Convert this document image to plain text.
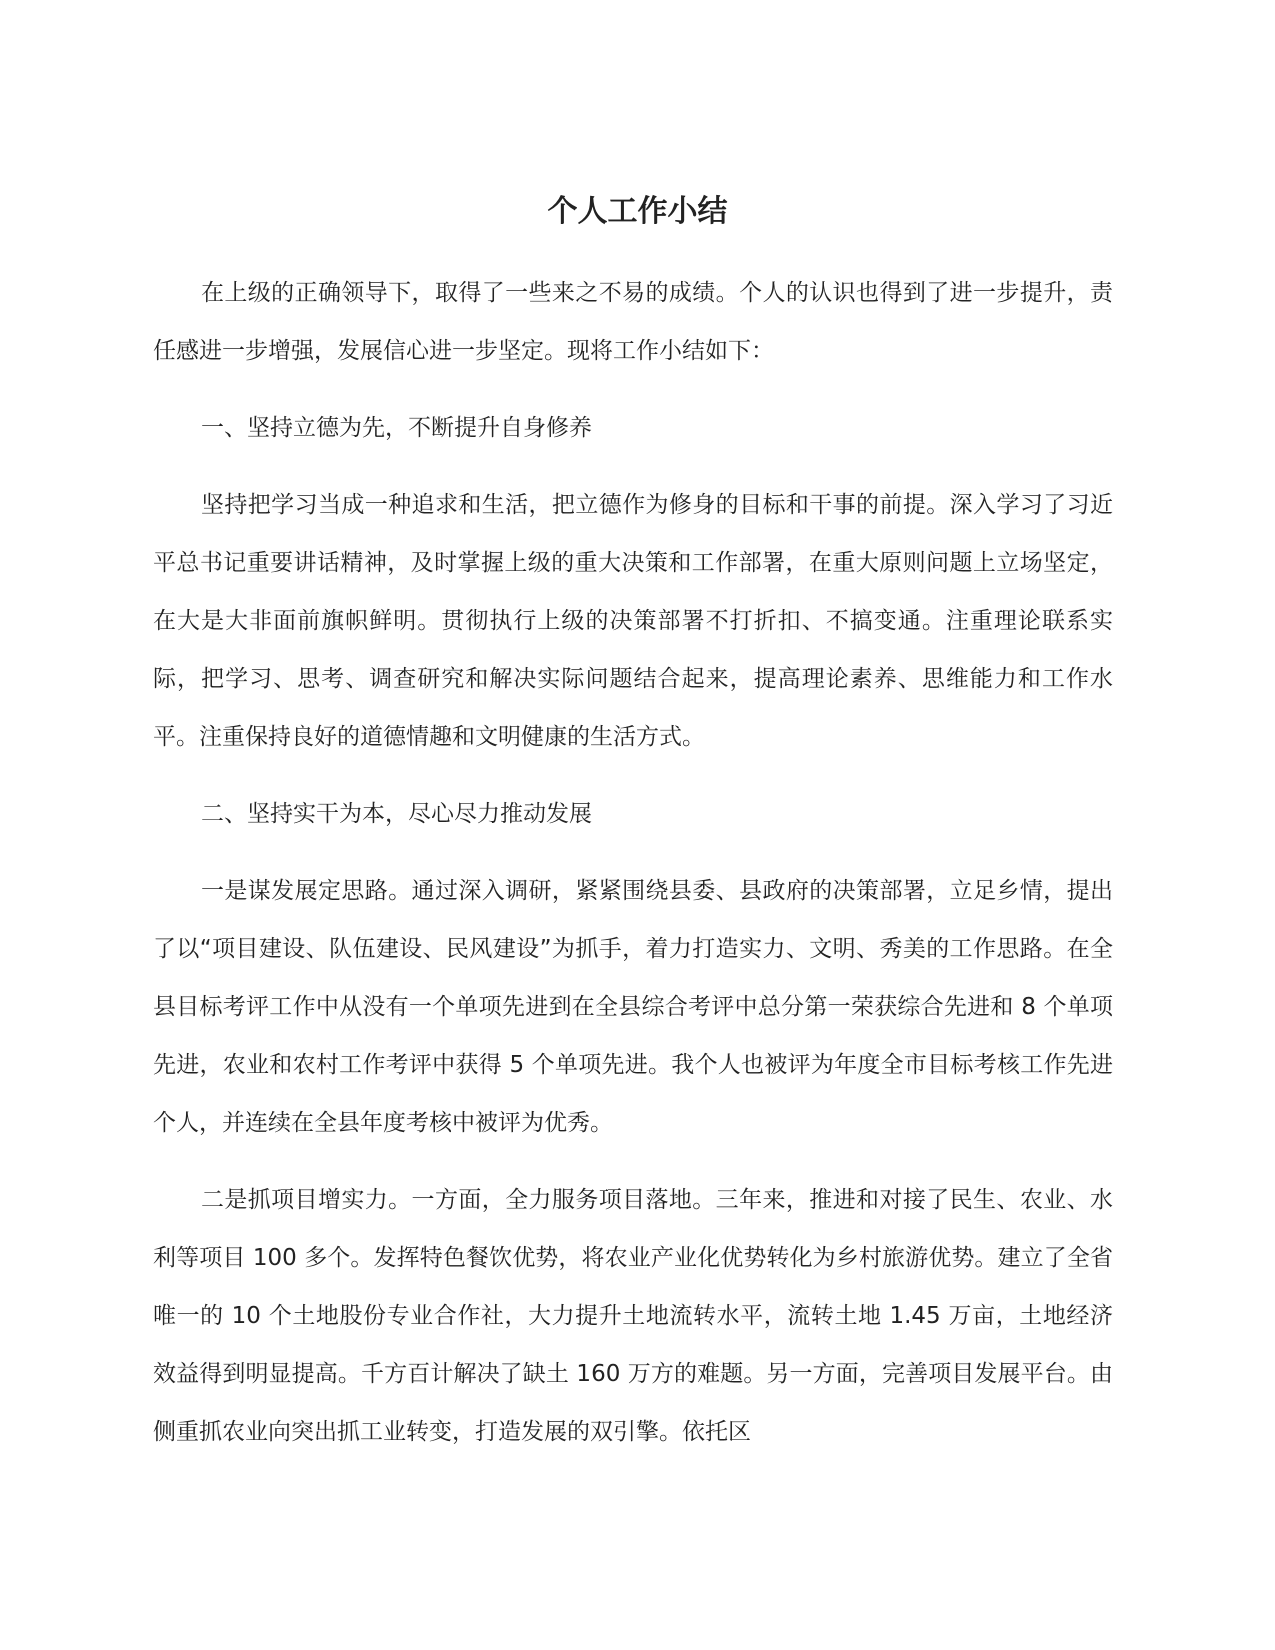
个人工作小结

在上级的正确领导下，取得了一些来之不易的成绩。个人的认识也得到了进一步提升，责任感进一步增强，发展信心进一步坚定。现将工作小结如下：

一、坚持立德为先，不断提升自身修养

坚持把学习当成一种追求和生活，把立德作为修身的目标和干事的前提。深入学习了习近平总书记重要讲话精神，及时掌握上级的重大决策和工作部署，在重大原则问题上立场坚定，在大是大非面前旗帜鲜明。贯彻执行上级的决策部署不打折扣、不搞变通。注重理论联系实际，把学习、思考、调查研究和解决实际问题结合起来，提高理论素养、思维能力和工作水平。注重保持良好的道德情趣和文明健康的生活方式。

二、坚持实干为本，尽心尽力推动发展

一是谋发展定思路。通过深入调研，紧紧围绕县委、县政府的决策部署，立足乡情，提出了以“项目建设、队伍建设、民风建设”为抓手，着力打造实力、文明、秀美的工作思路。在全县目标考评工作中从没有一个单项先进到在全县综合考评中总分第一荣获综合先进和 8 个单项先进，农业和农村工作考评中获得 5 个单项先进。我个人也被评为年度全市目标考核工作先进个人，并连续在全县年度考核中被评为优秀。

二是抓项目增实力。一方面，全力服务项目落地。三年来，推进和对接了民生、农业、水利等项目 100 多个。发挥特色餐饮优势，将农业产业化优势转化为乡村旅游优势。建立了全省唯一的 10 个土地股份专业合作社，大力提升土地流转水平，流转土地 1.45 万亩，土地经济效益得到明显提高。千方百计解决了缺土 160 万方的难题。另一方面，完善项目发展平台。由侧重抓农业向突出抓工业转变，打造发展的双引擎。依托区
